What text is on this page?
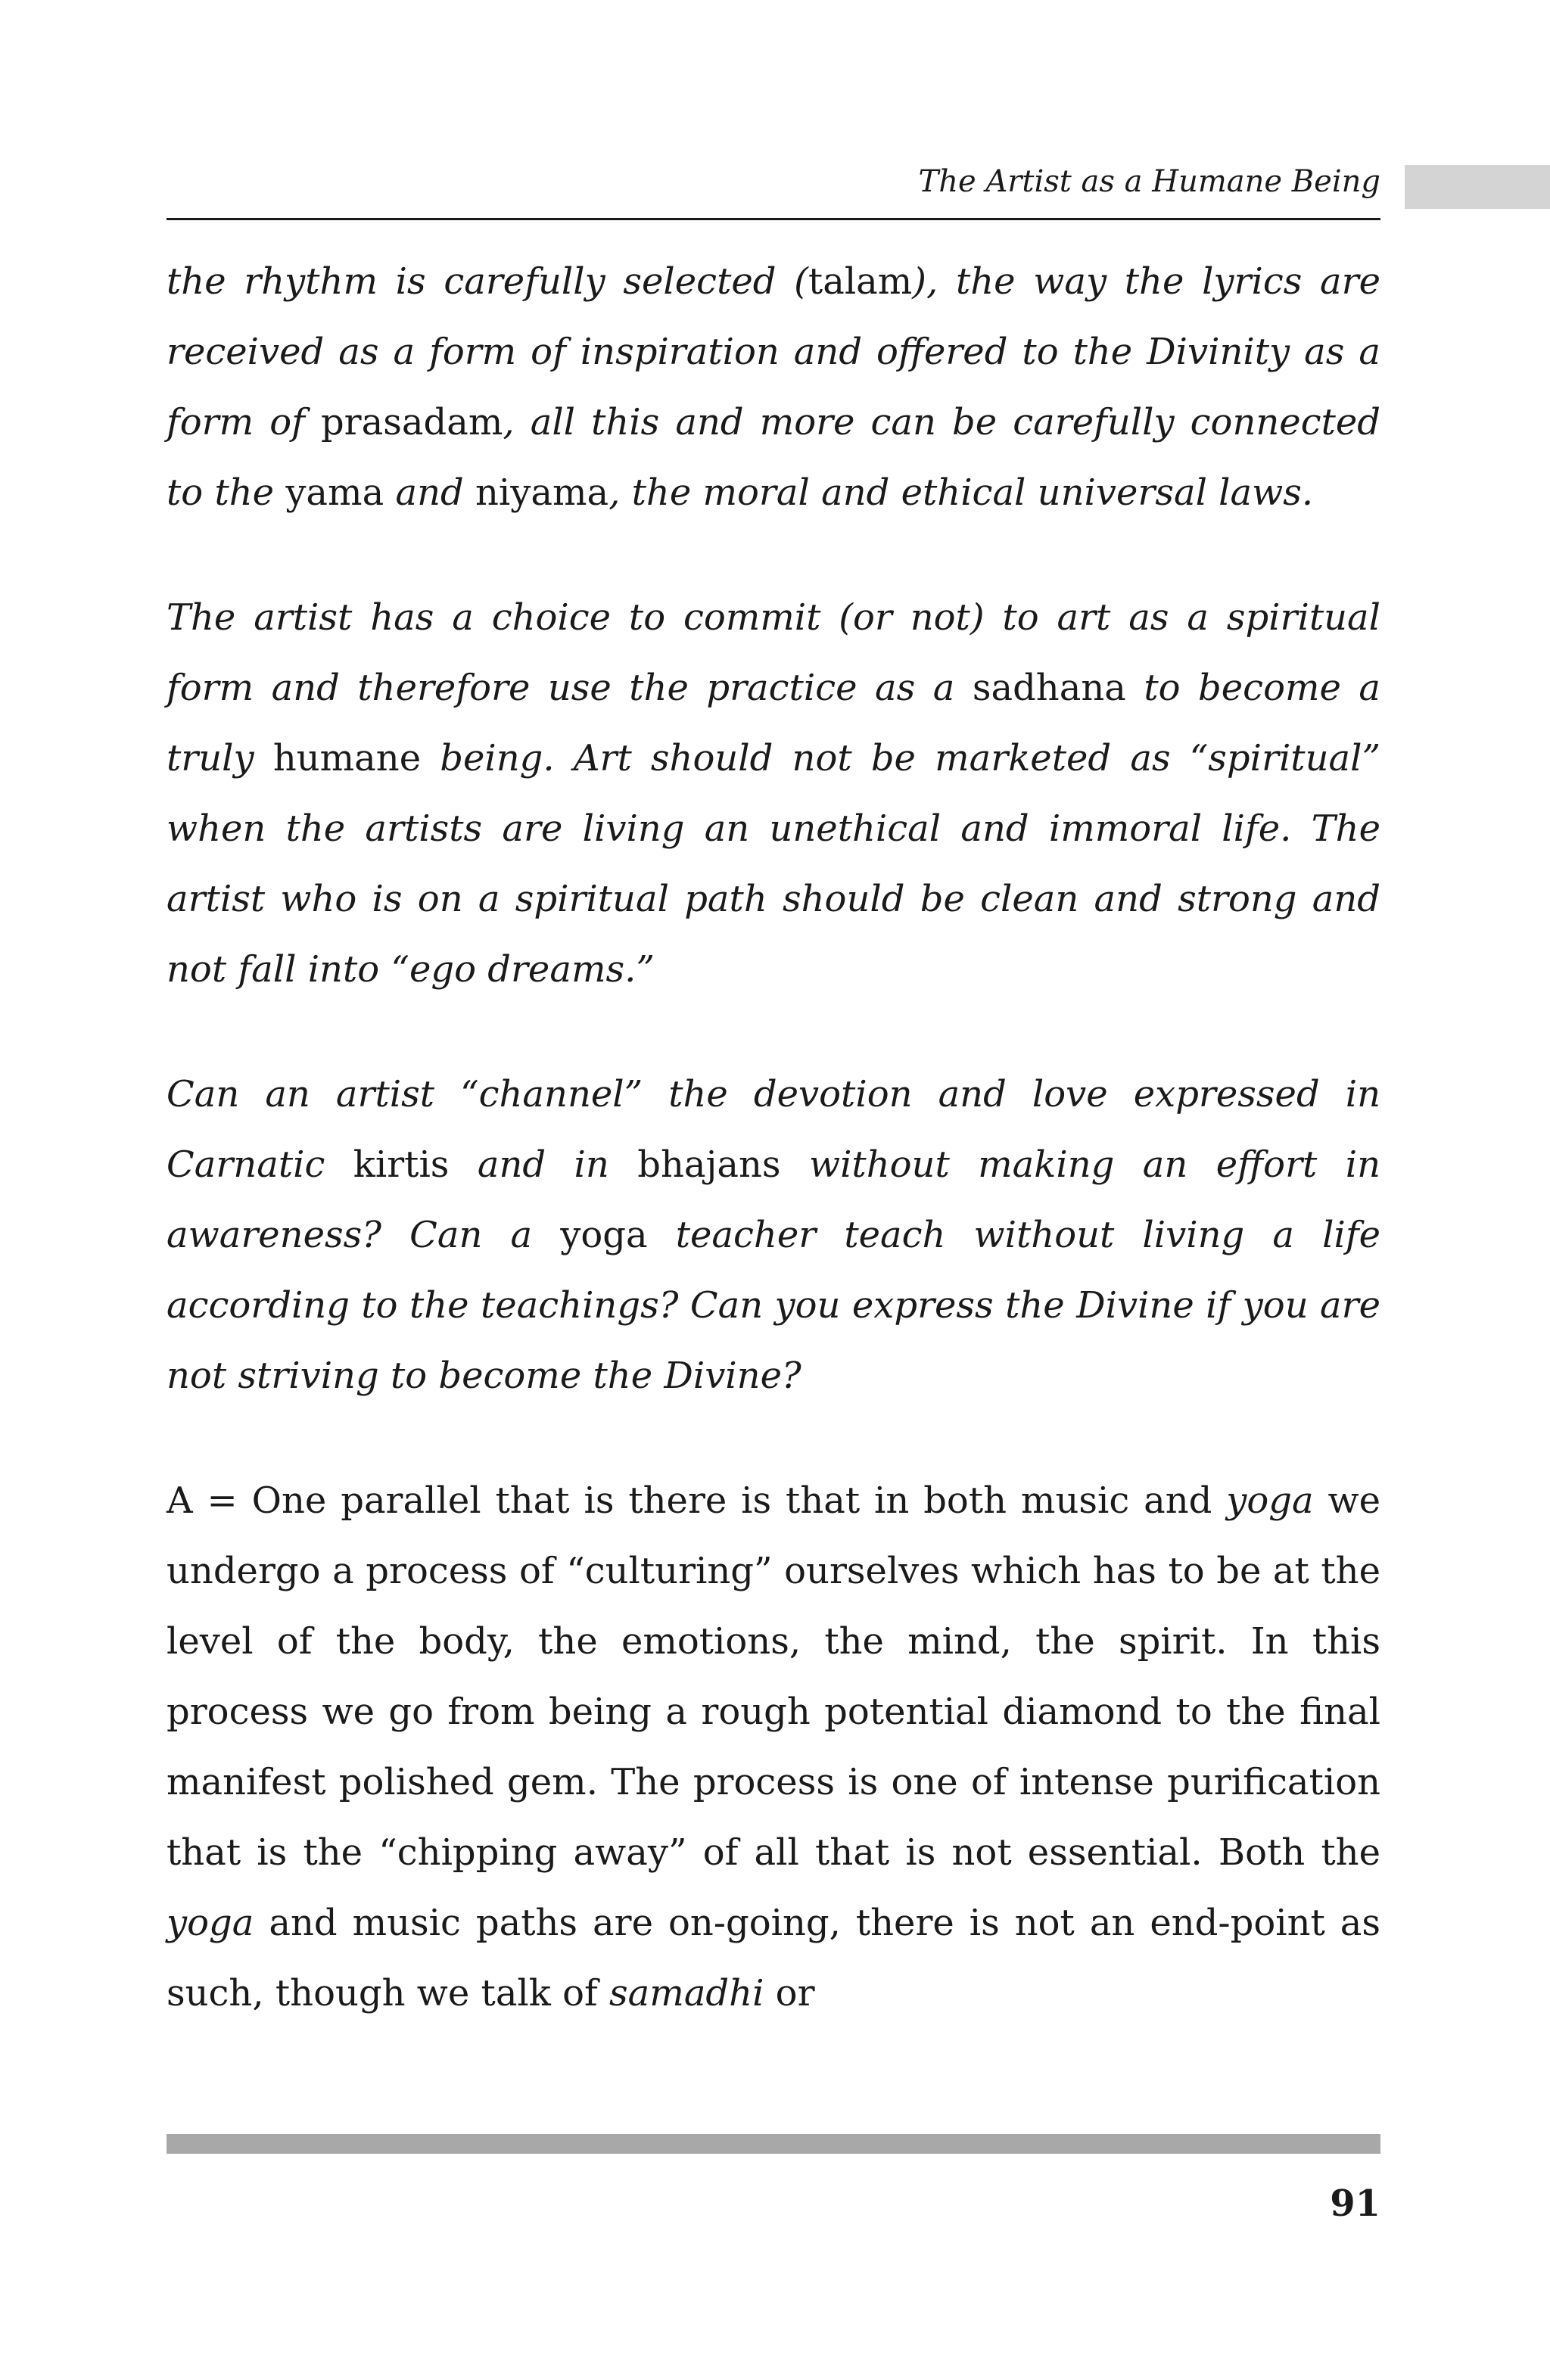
The Artist as a Humane Being

the rhythm is carefully selected (talam), the way the lyrics are received as a form of inspiration and offered to the Divinity as a form of prasadam, all this and more can be carefully connected to the yama and niyama, the moral and ethical universal laws.

The artist has a choice to commit (or not) to art as a spiritual form and therefore use the practice as a sadhana to become a truly humane being. Art should not be marketed as “spiritual” when the artists are living an unethical and immoral life. The artist who is on a spiritual path should be clean and strong and not fall into “ego dreams.”

Can an artist “channel” the devotion and love expressed in Carnatic kirtis and in bhajans without making an effort in awareness? Can a yoga teacher teach without living a life according to the teachings? Can you express the Divine if you are not striving to become the Divine?

A = One parallel that is there is that in both music and yoga we undergo a process of “culturing” ourselves which has to be at the level of the body, the emotions, the mind, the spirit. In this process we go from being a rough potential diamond to the final manifest polished gem. The process is one of intense purification that is the “chipping away” of all that is not essential. Both the yoga and music paths are on-going, there is not an end-point as such, though we talk of samadhi or

91
